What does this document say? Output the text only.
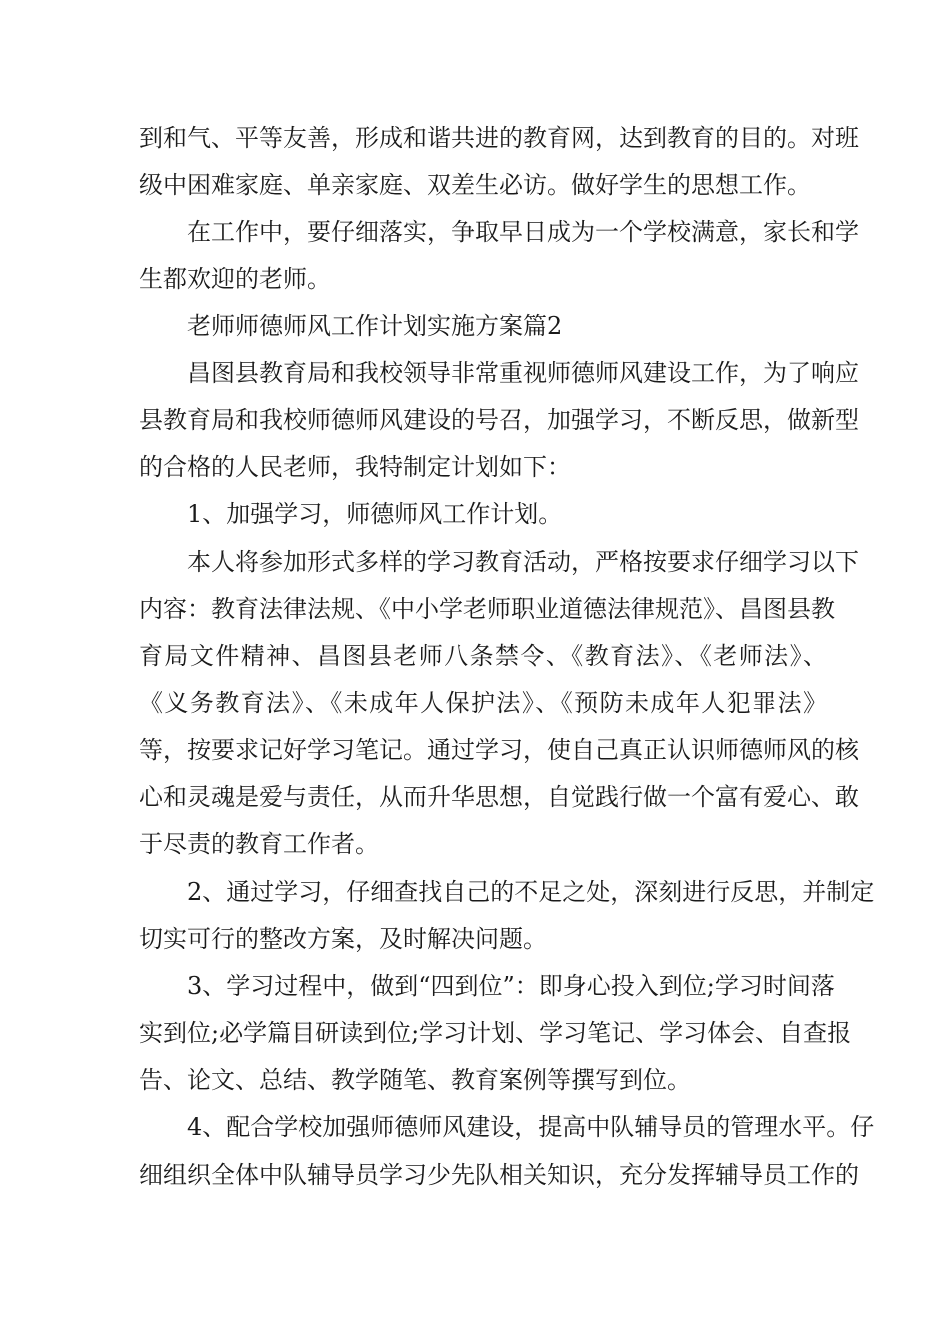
到和气、平等友善，形成和谐共进的教育网，达到教育的目的。对班

级中困难家庭、单亲家庭、双差生必访。做好学生的思想工作。

在工作中，要仔细落实，争取早日成为一个学校满意，家长和学

生都欢迎的老师。

老师师德师风工作计划实施方案篇2

昌图县教育局和我校领导非常重视师德师风建设工作，为了响应

县教育局和我校师德师风建设的号召，加强学习，不断反思，做新型

的合格的人民老师，我特制定计划如下：

1、加强学习，师德师风工作计划。

本人将参加形式多样的学习教育活动，严格按要求仔细学习以下

内容：教育法律法规、《中小学老师职业道德法律规范》、昌图县教

育局文件精神、昌图县老师八条禁令、《教育法》、《老师法》、

《义务教育法》、《未成年人保护法》、《预防未成年人犯罪法》

等，按要求记好学习笔记。通过学习，使自己真正认识师德师风的核

心和灵魂是爱与责任，从而升华思想，自觉践行做一个富有爱心、敢

于尽责的教育工作者。

2、通过学习，仔细查找自己的不足之处，深刻进行反思，并制定

切实可行的整改方案，及时解决问题。

3、学习过程中，做到“四到位”：即身心投入到位;学习时间落

实到位;必学篇目研读到位;学习计划、学习笔记、学习体会、自查报

告、论文、总结、教学随笔、教育案例等撰写到位。

4、配合学校加强师德师风建设，提高中队辅导员的管理水平。仔

细组织全体中队辅导员学习少先队相关知识，充分发挥辅导员工作的
